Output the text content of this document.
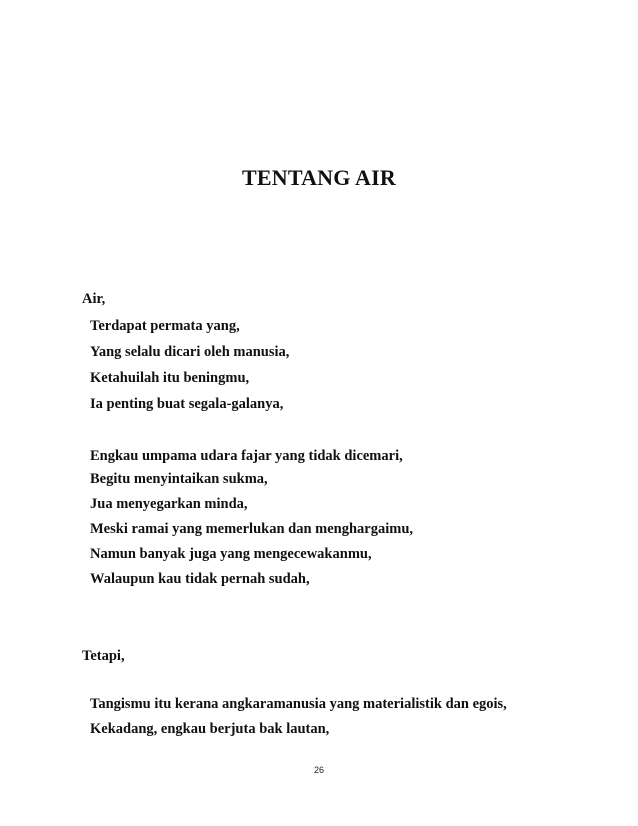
TENTANG AIR
Air,
Terdapat permata yang,
Yang selalu dicari oleh manusia,
Ketahuilah itu beningmu,
Ia penting buat segala-galanya,
Engkau umpama udara fajar yang tidak dicemari,
Begitu menyintaikan sukma,
Jua menyegarkan minda,
Meski ramai yang memerlukan dan menghargaimu,
Namun banyak juga yang mengecewakanmu,
Walaupun kau tidak pernah sudah,
Tetapi,
Tangismu itu kerana angkaramanusia yang materialistik dan egois,
Kekadang, engkau berjuta bak lautan,
26
